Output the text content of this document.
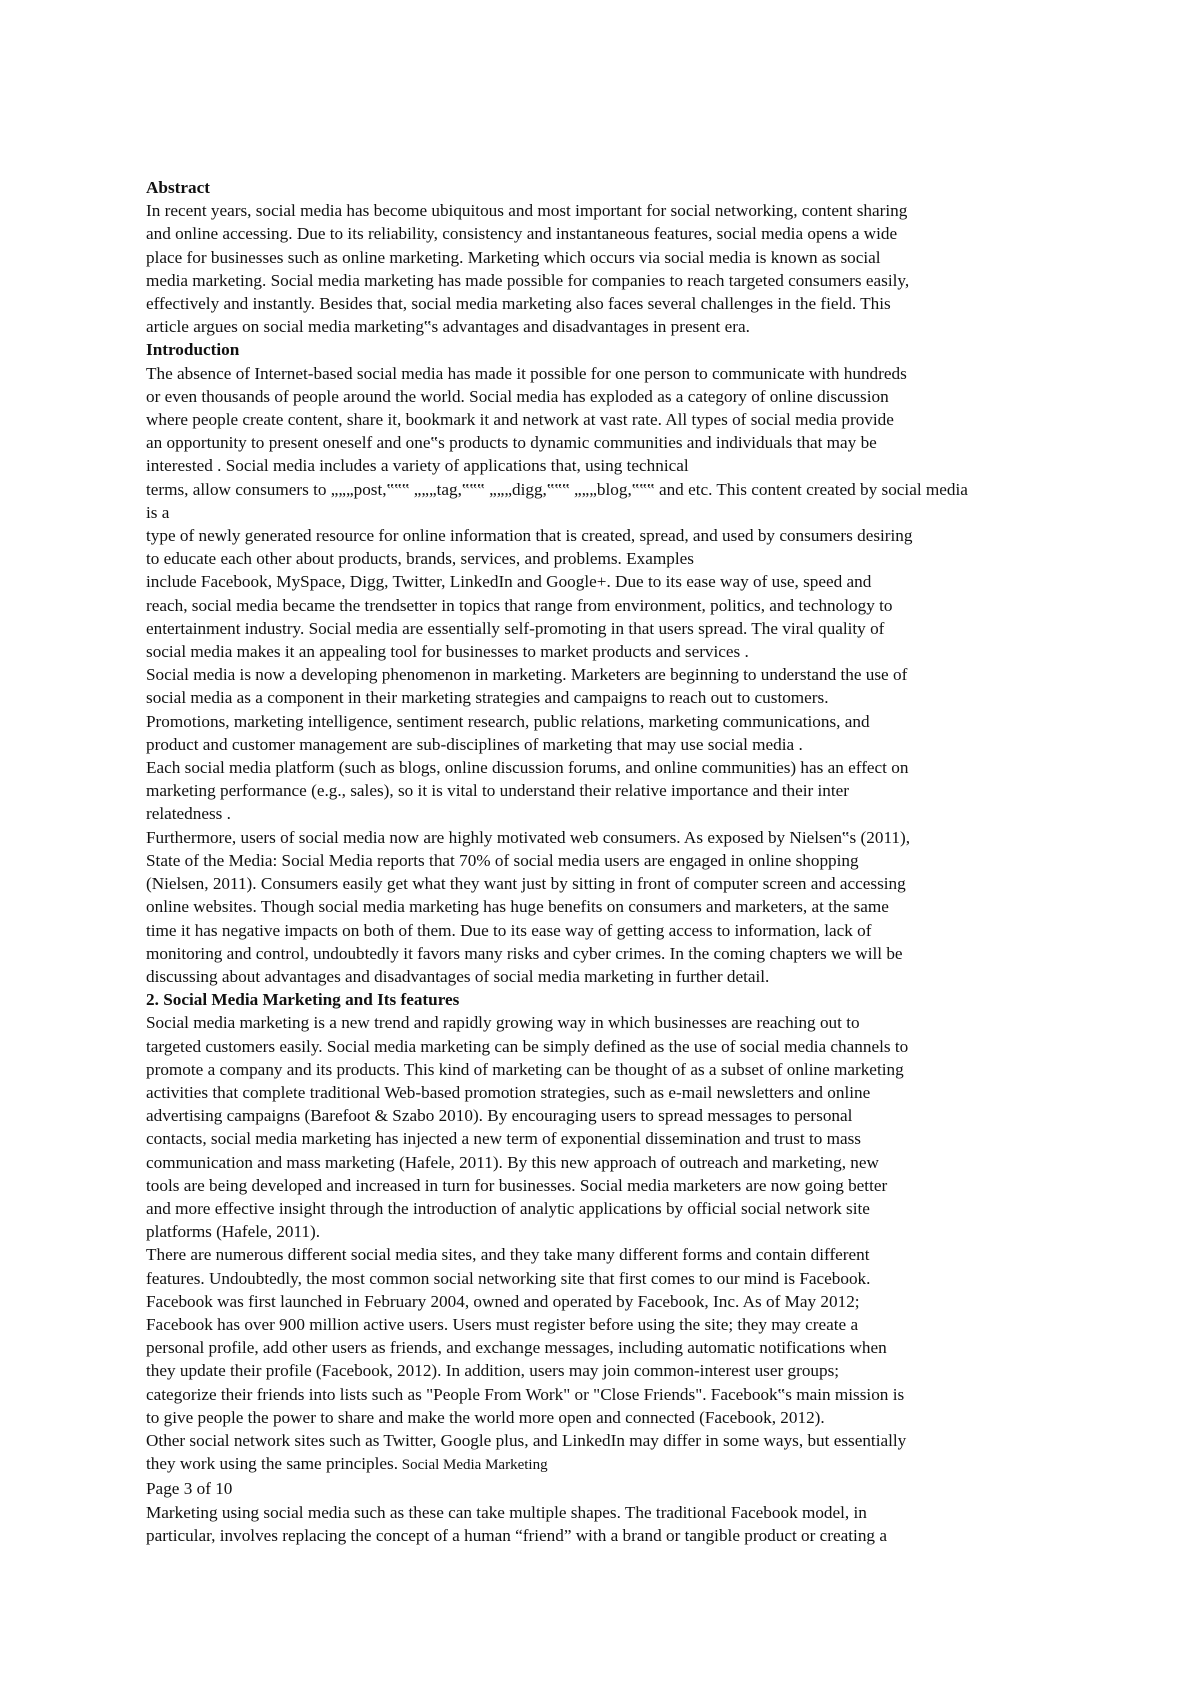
Abstract
In recent years, social media has become ubiquitous and most important for social networking, content sharing
and online accessing. Due to its reliability, consistency and instantaneous features, social media opens a wide
place for businesses such as online marketing. Marketing which occurs via social media is known as social
media marketing. Social media marketing has made possible for companies to reach targeted consumers easily,
effectively and instantly. Besides that, social media marketing also faces several challenges in the field. This
article argues on social media marketing‟s advantages and disadvantages in present era.
Introduction
The absence of Internet-based social media has made it possible for one person to communicate with hundreds
or even thousands of people around the world. Social media has exploded as a category of online discussion
where people create content, share it, bookmark it and network at vast rate. All types of social media provide
an opportunity to present oneself and one‟s products to dynamic communities and individuals that may be
interested . Social media includes a variety of applications that, using technical
terms, allow consumers to „„„post,‟‟‟ „„„tag,‟‟‟ „„„digg,‟‟‟ „„„blog,‟‟‟ and etc. This content created by social media
is a
type of newly generated resource for online information that is created, spread, and used by consumers desiring
to educate each other about products, brands, services, and problems. Examples
include Facebook, MySpace, Digg, Twitter, LinkedIn and Google+. Due to its ease way of use, speed and
reach, social media became the trendsetter in topics that range from environment, politics, and technology to
entertainment industry. Social media are essentially self-promoting in that users spread. The viral quality of
social media makes it an appealing tool for businesses to market products and services .
Social media is now a developing phenomenon in marketing. Marketers are beginning to understand the use of
social media as a component in their marketing strategies and campaigns to reach out to customers.
Promotions, marketing intelligence, sentiment research, public relations, marketing communications, and
product and customer management are sub-disciplines of marketing that may use social media .
Each social media platform (such as blogs, online discussion forums, and online communities) has an effect on
marketing performance (e.g., sales), so it is vital to understand their relative importance and their inter
relatedness .
Furthermore, users of social media now are highly motivated web consumers. As exposed by Nielsen‟s (2011),
State of the Media: Social Media reports that 70% of social media users are engaged in online shopping
(Nielsen, 2011). Consumers easily get what they want just by sitting in front of computer screen and accessing
online websites. Though social media marketing has huge benefits on consumers and marketers, at the same
time it has negative impacts on both of them. Due to its ease way of getting access to information, lack of
monitoring and control, undoubtedly it favors many risks and cyber crimes. In the coming chapters we will be
discussing about advantages and disadvantages of social media marketing in further detail.
2. Social Media Marketing and Its features
Social media marketing is a new trend and rapidly growing way in which businesses are reaching out to
targeted customers easily. Social media marketing can be simply defined as the use of social media channels to
promote a company and its products. This kind of marketing can be thought of as a subset of online marketing
activities that complete traditional Web-based promotion strategies, such as e-mail newsletters and online
advertising campaigns (Barefoot & Szabo 2010). By encouraging users to spread messages to personal
contacts, social media marketing has injected a new term of exponential dissemination and trust to mass
communication and mass marketing (Hafele, 2011). By this new approach of outreach and marketing, new
tools are being developed and increased in turn for businesses. Social media marketers are now going better
and more effective insight through the introduction of analytic applications by official social network site
platforms (Hafele, 2011).
There are numerous different social media sites, and they take many different forms and contain different
features. Undoubtedly, the most common social networking site that first comes to our mind is Facebook.
Facebook was first launched in February 2004, owned and operated by Facebook, Inc. As of May 2012;
Facebook has over 900 million active users. Users must register before using the site; they may create a
personal profile, add other users as friends, and exchange messages, including automatic notifications when
they update their profile (Facebook, 2012). In addition, users may join common-interest user groups;
categorize their friends into lists such as "People From Work" or "Close Friends". Facebook‟s main mission is
to give people the power to share and make the world more open and connected (Facebook, 2012).
Other social network sites such as Twitter, Google plus, and LinkedIn may differ in some ways, but essentially
they work using the same principles. Social Media Marketing
Page 3 of 10
Marketing using social media such as these can take multiple shapes. The traditional Facebook model, in
particular, involves replacing the concept of a human “friend” with a brand or tangible product or creating a
